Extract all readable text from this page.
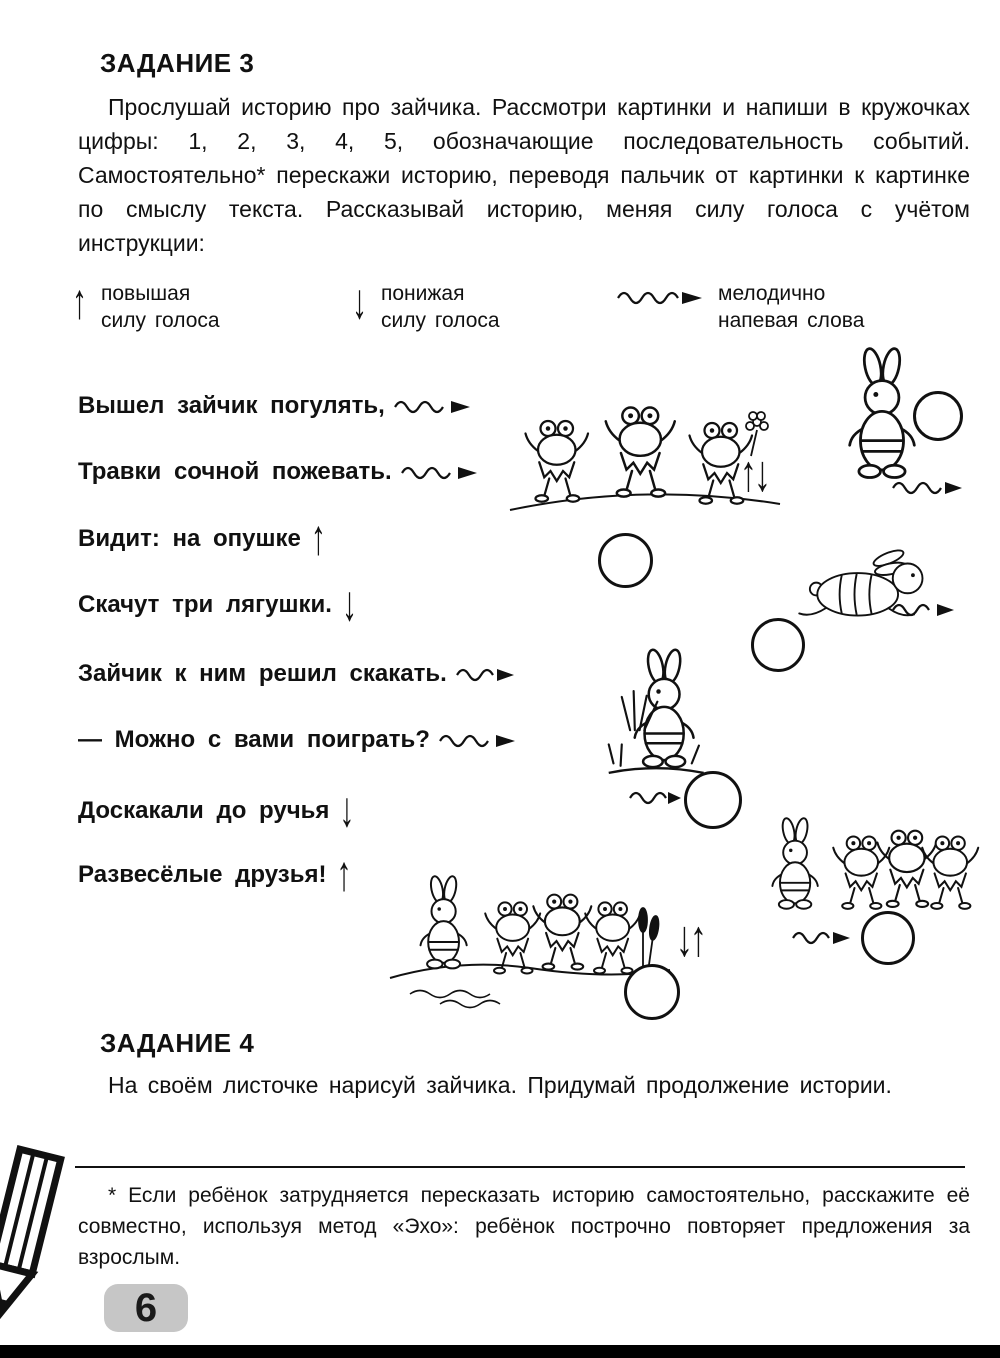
ЗАДАНИЕ 3
Прослушай историю про зайчика. Рассмотри картинки и напиши в кружочках цифры: 1, 2, 3, 4, 5, обозначающие последовательность событий. Самостоятельно* перескажи историю, переводя пальчик от картинки к картинке по смыслу текста. Рассказывай историю, меняя силу голоса с учётом инструкции:
↑ повышая
силу голоса	↓ понижая
силу голоса
мелодично
напевая слова
Вышел зайчик погулять,
Травки сочной пожевать.
Видит: на опушке ↑
Скачут три лягушки. ↓
Зайчик к ним решил скакать.
— Можно с вами поиграть?
Доскакали до ручья ↓
Развесёлые друзья! ↑
↑↓
↓↑
ЗАДАНИЕ 4
На своём листочке нарисуй зайчика. Придумай продолжение истории.
* Если ребёнок затрудняется пересказать историю самостоятельно, расскажите её совместно, используя метод «Эхо»: ребёнок построчно повторяет предложения за взрослым.
6
